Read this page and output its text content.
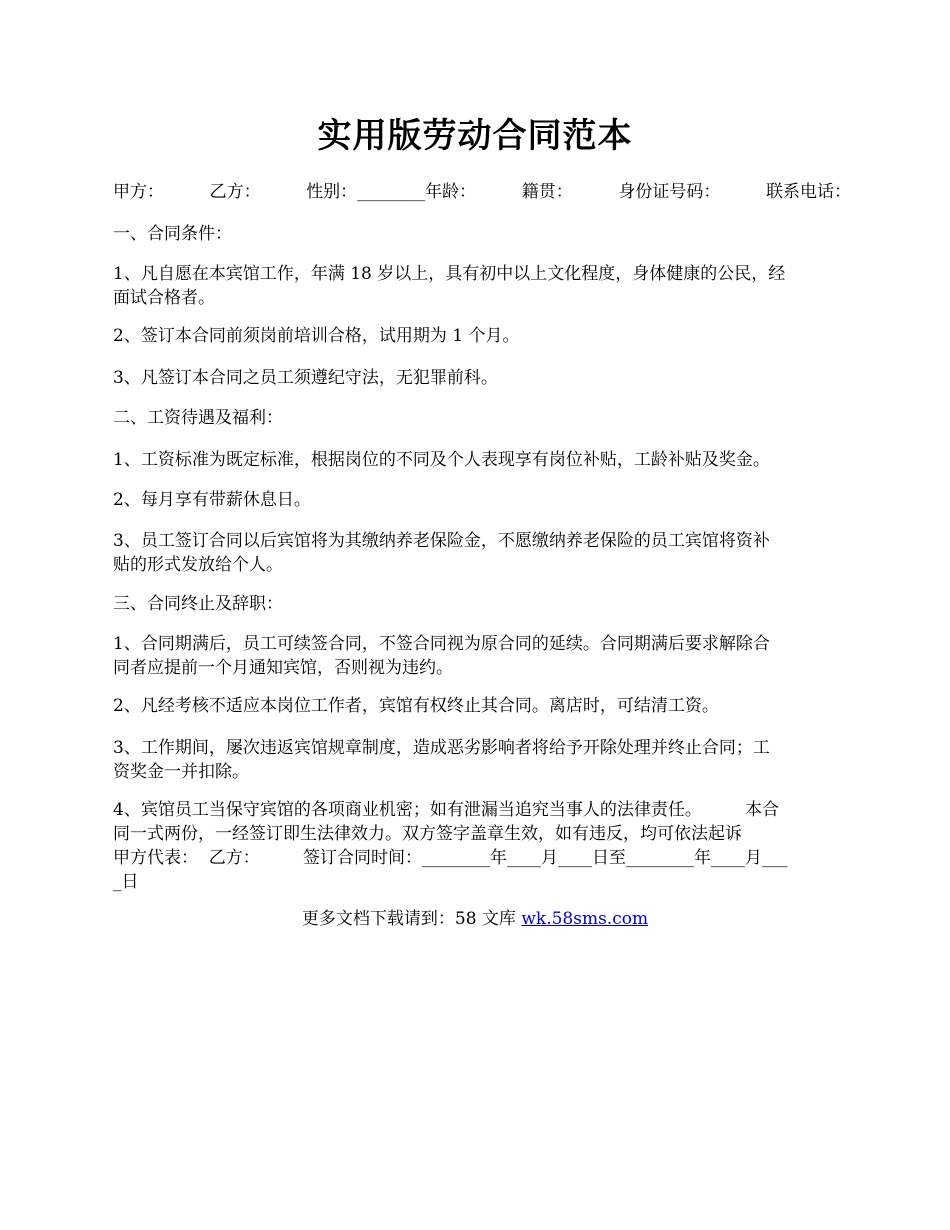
实用版劳动合同范本
甲方：	乙方：	性别：________年龄：	籍贯：	身份证号码：	联系电话：
一、合同条件：
1、凡自愿在本宾馆工作，年满 18 岁以上，具有初中以上文化程度，身体健康的公民，经
面试合格者。
2、签订本合同前须岗前培训合格，试用期为 1 个月。
3、凡签订本合同之员工须遵纪守法，无犯罪前科。
二、工资待遇及福利：
1、工资标准为既定标准，根据岗位的不同及个人表现享有岗位补贴，工龄补贴及奖金。
2、每月享有带薪休息日。
3、员工签订合同以后宾馆将为其缴纳养老保险金，不愿缴纳养老保险的员工宾馆将资补
贴的形式发放给个人。
三、合同终止及辞职：
1、合同期满后，员工可续签合同，不签合同视为原合同的延续。合同期满后要求解除合
同者应提前一个月通知宾馆，否则视为违约。
2、凡经考核不适应本岗位工作者，宾馆有权终止其合同。离店时，可结清工资。
3、工作期间，屡次违返宾馆规章制度，造成恶劣影响者将给予开除处理并终止合同；工
资奖金一并扣除。
4、宾馆员工当保守宾馆的各项商业机密；如有泄漏当追究当事人的法律责任。        本合
同一式两份，一经签订即生法律效力。双方签字盖章生效，如有违反，均可依法起诉
甲方代表：  乙方：        签订合同时间：________年____月____日至________年____月___
_日
更多文档下载请到：58 文库 wk.58sms.com
